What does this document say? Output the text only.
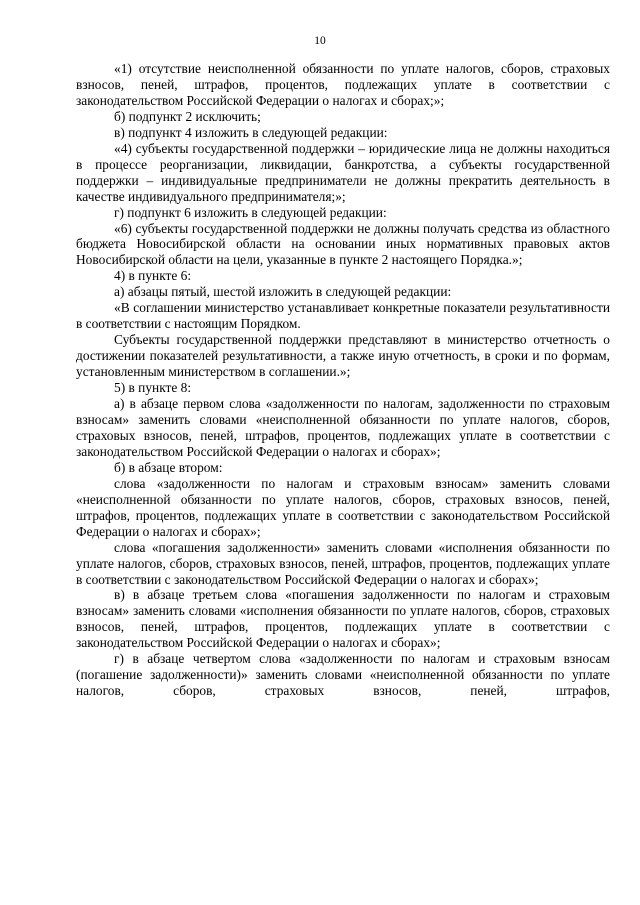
10

«1) отсутствие неисполненной обязанности по уплате налогов, сборов, страховых взносов, пеней, штрафов, процентов, подлежащих уплате в соответствии с законодательством Российской Федерации о налогах и сборах;»;

б) подпункт 2 исключить;

в) подпункт 4 изложить в следующей редакции:

«4) субъекты государственной поддержки – юридические лица не должны находиться в процессе реорганизации, ликвидации, банкротства, а субъекты государственной поддержки – индивидуальные предприниматели не должны прекратить деятельность в качестве индивидуального предпринимателя;»;

г) подпункт 6 изложить в следующей редакции:

«6) субъекты государственной поддержки не должны получать средства из областного бюджета Новосибирской области на основании иных нормативных правовых актов Новосибирской области на цели, указанные в пункте 2 настоящего Порядка.»;

4) в пункте 6:

а) абзацы пятый, шестой изложить в следующей редакции:

«В соглашении министерство устанавливает конкретные показатели результативности в соответствии с настоящим Порядком.

Субъекты государственной поддержки представляют в министерство отчетность о достижении показателей результативности, а также иную отчетность, в сроки и по формам, установленным министерством в соглашении.»;

5) в пункте 8:

а) в абзаце первом слова «задолженности по налогам, задолженности по страховым взносам» заменить словами «неисполненной обязанности по уплате налогов, сборов, страховых взносов, пеней, штрафов, процентов, подлежащих уплате в соответствии с законодательством Российской Федерации о налогах и сборах»;

б) в абзаце втором:

слова «задолженности по налогам и страховым взносам» заменить словами «неисполненной обязанности по уплате налогов, сборов, страховых взносов, пеней, штрафов, процентов, подлежащих уплате в соответствии с законодательством Российской Федерации о налогах и сборах»;

слова «погашения задолженности» заменить словами «исполнения обязанности по уплате налогов, сборов, страховых взносов, пеней, штрафов, процентов, подлежащих уплате в соответствии с законодательством Российской Федерации о налогах и сборах»;

в) в абзаце третьем слова «погашения задолженности по налогам и страховым взносам» заменить словами «исполнения обязанности по уплате налогов, сборов, страховых взносов, пеней, штрафов, процентов, подлежащих уплате в соответствии с законодательством Российской Федерации о налогах и сборах»;

г) в абзаце четвертом слова «задолженности по налогам и страховым взносам (погашение задолженности)» заменить словами «неисполненной обязанности по уплате налогов, сборов, страховых взносов, пеней, штрафов,
